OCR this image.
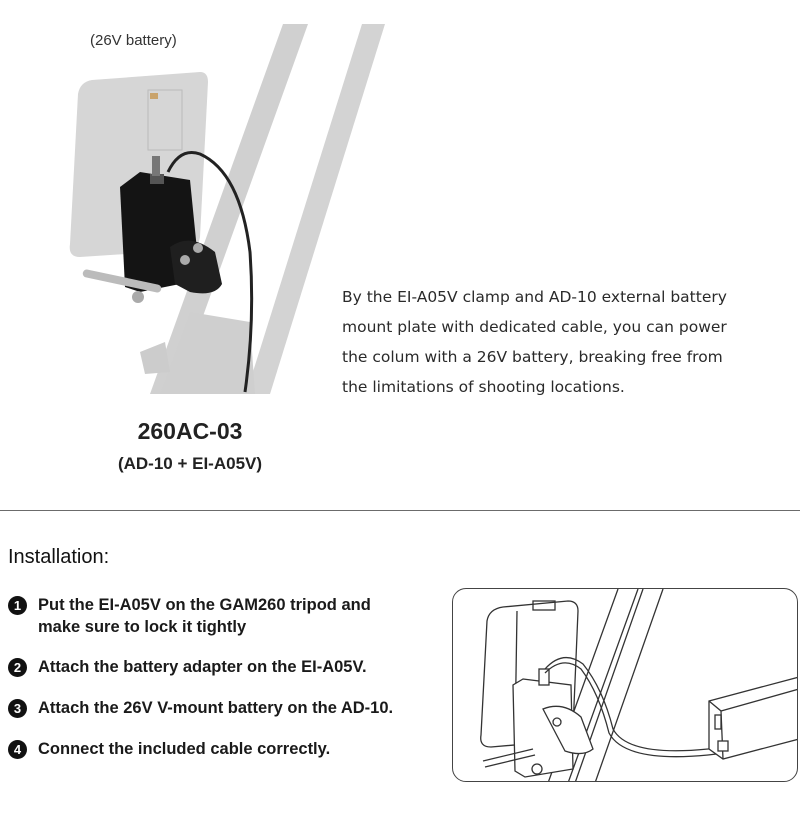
(26V battery)
By the EI-A05V clamp and AD-10 external battery
mount plate with dedicated cable, you can power
the colum with a 26V battery, breaking free from
the limitations of shooting locations.
260AC-03
(AD-10 + EI-A05V)
Installation:
1	Put the EI-A05V on the GAM260 tripod and
make sure to lock it tightly
2	Attach the battery adapter on the EI-A05V.
3	Attach the 26V V-mount battery on the AD-10.
4	Connect the included cable correctly.
